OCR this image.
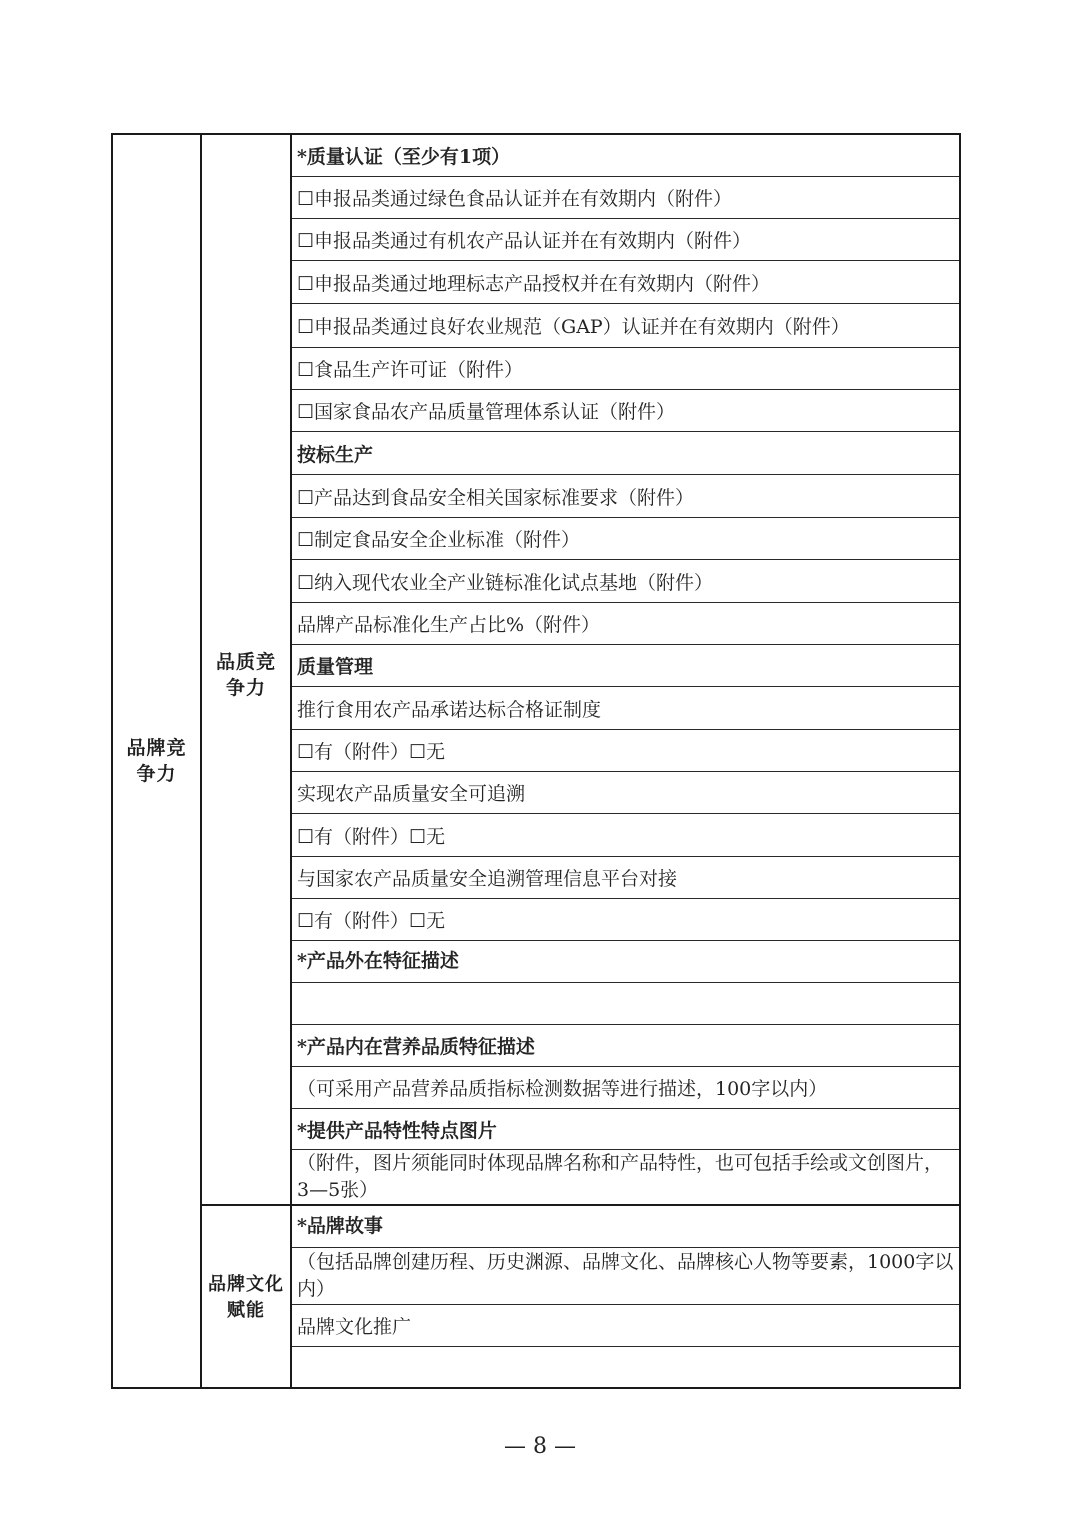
品牌竞
争力
品质竞
争力
品牌文化
赋能
*质量认证（至少有1项）
☐申报品类通过绿色食品认证并在有效期内（附件）
☐申报品类通过有机农产品认证并在有效期内（附件）
☐申报品类通过地理标志产品授权并在有效期内（附件）
☐申报品类通过良好农业规范（GAP）认证并在有效期内（附件）
☐食品生产许可证（附件）
☐国家食品农产品质量管理体系认证（附件）
按标生产
☐产品达到食品安全相关国家标准要求（附件）
☐制定食品安全企业标准（附件）
☐纳入现代农业全产业链标准化试点基地（附件）
品牌产品标准化生产占比%（附件）
质量管理
推行食用农产品承诺达标合格证制度
☐有（附件）☐无
实现农产品质量安全可追溯
☐有（附件）☐无
与国家农产品质量安全追溯管理信息平台对接
☐有（附件）☐无
*产品外在特征描述
*产品内在营养品质特征描述
（可采用产品营养品质指标检测数据等进行描述，100字以内）
*提供产品特性特点图片
（附件，图片须能同时体现品牌名称和产品特性，也可包括手绘或文创图片，3—5张）
*品牌故事
（包括品牌创建历程、历史渊源、品牌文化、品牌核心人物等要素，1000字以内）
品牌文化推广
— 8 —
